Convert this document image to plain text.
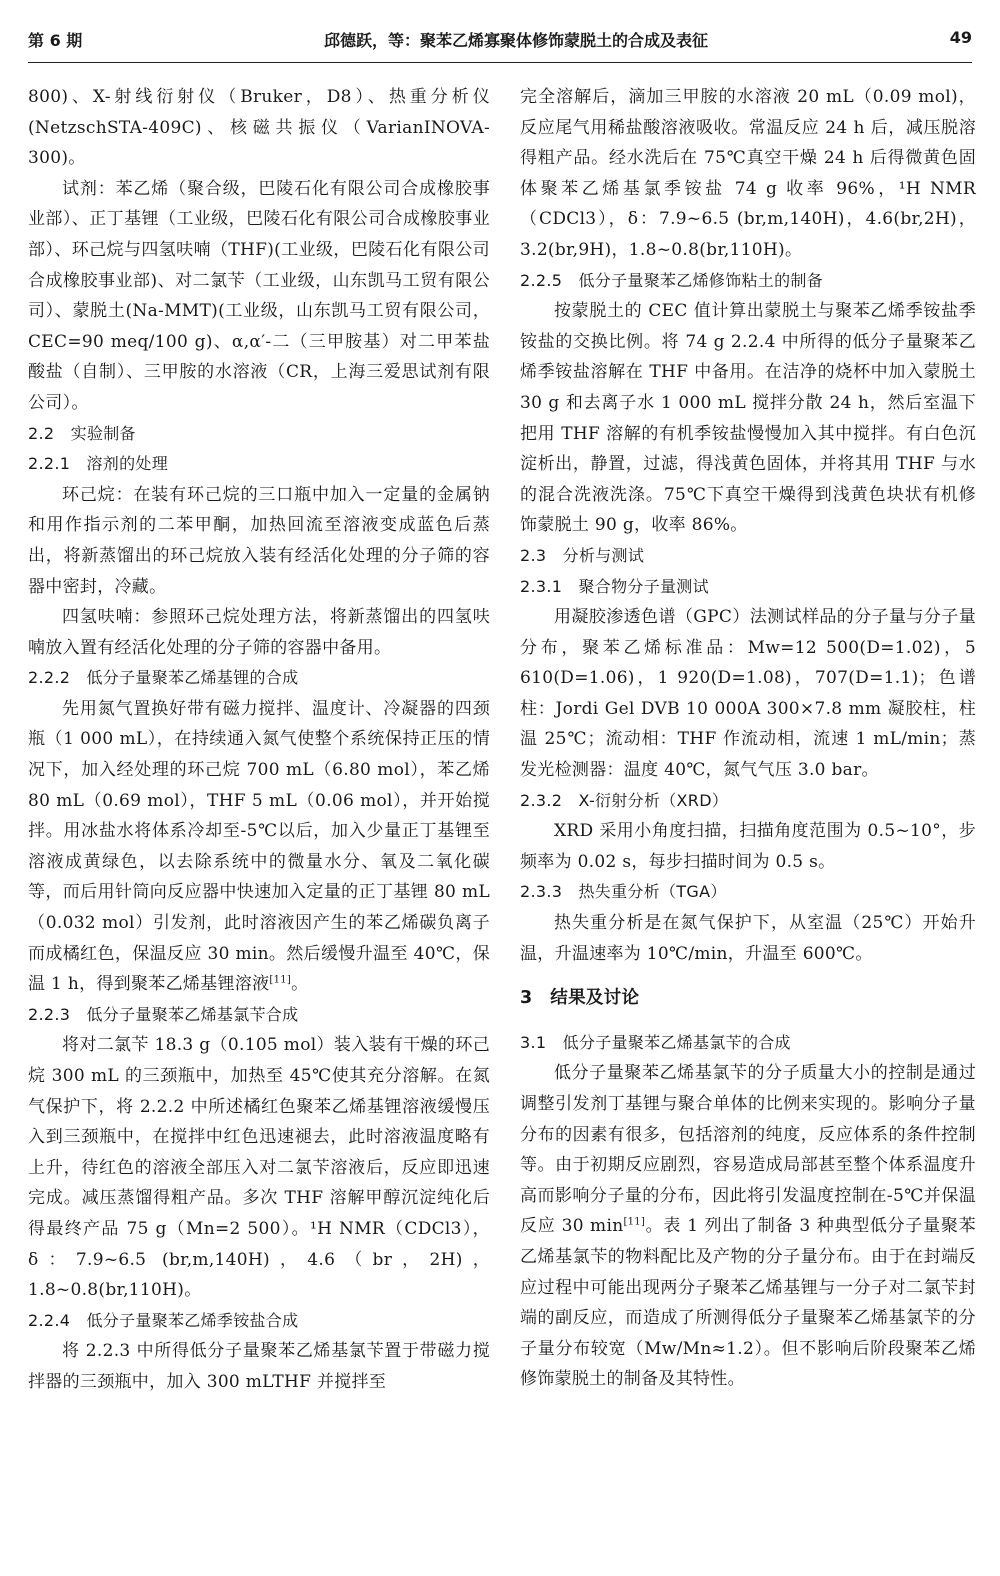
第 6 期	邱德跃，等：聚苯乙烯寡聚体修饰蒙脱土的合成及表征	49

800)、X-射线衍射仪（Bruker，D8）、热重分析仪(NetzschSTA-409C)、核磁共振仪（VarianINOVA-300)。

试剂：苯乙烯（聚合级，巴陵石化有限公司合成橡胶事业部）、正丁基锂（工业级，巴陵石化有限公司合成橡胶事业部）、环己烷与四氢呋喃（THF)(工业级，巴陵石化有限公司合成橡胶事业部)、对二氯苄（工业级，山东凯马工贸有限公司）、蒙脱土(Na-MMT)(工业级，山东凯马工贸有限公司，CEC=90 meq/100 g)、α,α′-二（三甲胺基）对二甲苯盐酸盐（自制）、三甲胺的水溶液（CR，上海三爱思试剂有限公司）。

2.2　实验制备

2.2.1　溶剂的处理

环己烷：在装有环己烷的三口瓶中加入一定量的金属钠和用作指示剂的二苯甲酮，加热回流至溶液变成蓝色后蒸出，将新蒸馏出的环己烷放入装有经活化处理的分子筛的容器中密封，冷藏。

四氢呋喃：参照环己烷处理方法，将新蒸馏出的四氢呋喃放入置有经活化处理的分子筛的容器中备用。

2.2.2　低分子量聚苯乙烯基锂的合成

先用氮气置换好带有磁力搅拌、温度计、冷凝器的四颈瓶（1 000 mL），在持续通入氮气使整个系统保持正压的情况下，加入经处理的环己烷 700 mL（6.80 mol），苯乙烯 80 mL（0.69 mol），THF 5 mL（0.06 mol），并开始搅拌。用冰盐水将体系冷却至-5℃以后，加入少量正丁基锂至溶液成黄绿色，以去除系统中的微量水分、氧及二氧化碳等，而后用针筒向反应器中快速加入定量的正丁基锂 80 mL（0.032 mol）引发剂，此时溶液因产生的苯乙烯碳负离子而成橘红色，保温反应 30 min。然后缓慢升温至 40℃，保温 1 h，得到聚苯乙烯基锂溶液[11]。

2.2.3　低分子量聚苯乙烯基氯苄合成

将对二氯苄 18.3 g（0.105 mol）装入装有干燥的环己烷 300 mL 的三颈瓶中，加热至 45℃使其充分溶解。在氮气保护下，将 2.2.2 中所述橘红色聚苯乙烯基锂溶液缓慢压入到三颈瓶中，在搅拌中红色迅速褪去，此时溶液温度略有上升，待红色的溶液全部压入对二氯苄溶液后，反应即迅速完成。减压蒸馏得粗产品。多次 THF 溶解甲醇沉淀纯化后得最终产品 75 g（Mn=2 500）。¹H NMR（CDCl3），δ：7.9~6.5 (br,m,140H)，4.6（br，2H)，1.8~0.8(br,110H)。

2.2.4　低分子量聚苯乙烯季铵盐合成

将 2.2.3 中所得低分子量聚苯乙烯基氯苄置于带磁力搅拌器的三颈瓶中，加入 300 mLTHF 并搅拌至

完全溶解后，滴加三甲胺的水溶液 20 mL（0.09 mol)，反应尾气用稀盐酸溶液吸收。常温反应 24 h 后，减压脱溶得粗产品。经水洗后在 75℃真空干燥 24 h 后得微黄色固体聚苯乙烯基氯季铵盐 74 g 收率 96%，¹H NMR（CDCl3），δ：7.9~6.5 (br,m,140H)，4.6(br,2H)，3.2(br,9H)，1.8~0.8(br,110H)。

2.2.5　低分子量聚苯乙烯修饰粘土的制备

按蒙脱土的 CEC 值计算出蒙脱土与聚苯乙烯季铵盐季铵盐的交换比例。将 74 g 2.2.4 中所得的低分子量聚苯乙烯季铵盐溶解在 THF 中备用。在洁净的烧杯中加入蒙脱土 30 g 和去离子水 1 000 mL 搅拌分散 24 h，然后室温下把用 THF 溶解的有机季铵盐慢慢加入其中搅拌。有白色沉淀析出，静置，过滤，得浅黄色固体，并将其用 THF 与水的混合洗液洗涤。75℃下真空干燥得到浅黄色块状有机修饰蒙脱土 90 g，收率 86%。

2.3　分析与测试

2.3.1　聚合物分子量测试

用凝胶渗透色谱（GPC）法测试样品的分子量与分子量分布，聚苯乙烯标准品：Mw=12 500(D=1.02)，5 610(D=1.06)，1 920(D=1.08)，707(D=1.1)；色谱柱：Jordi Gel DVB 10 000A 300×7.8 mm 凝胶柱，柱温 25℃；流动相：THF 作流动相，流速 1 mL/min；蒸发光检测器：温度 40℃，氮气气压 3.0 bar。

2.3.2　X-衍射分析（XRD）

XRD 采用小角度扫描，扫描角度范围为 0.5~10°，步频率为 0.02 s，每步扫描时间为 0.5 s。

2.3.3　热失重分析（TGA）

热失重分析是在氮气保护下，从室温（25℃）开始升温，升温速率为 10℃/min，升温至 600℃。

3　结果及讨论

3.1　低分子量聚苯乙烯基氯苄的合成

低分子量聚苯乙烯基氯苄的分子质量大小的控制是通过调整引发剂丁基锂与聚合单体的比例来实现的。影响分子量分布的因素有很多，包括溶剂的纯度，反应体系的条件控制等。由于初期反应剧烈，容易造成局部甚至整个体系温度升高而影响分子量的分布，因此将引发温度控制在-5℃并保温反应 30 min[11]。表 1 列出了制备 3 种典型低分子量聚苯乙烯基氯苄的物料配比及产物的分子量分布。由于在封端反应过程中可能出现两分子聚苯乙烯基锂与一分子对二氯苄封端的副反应，而造成了所测得低分子量聚苯乙烯基氯苄的分子量分布较宽（Mw/Mn≈1.2）。但不影响后阶段聚苯乙烯修饰蒙脱土的制备及其特性。
